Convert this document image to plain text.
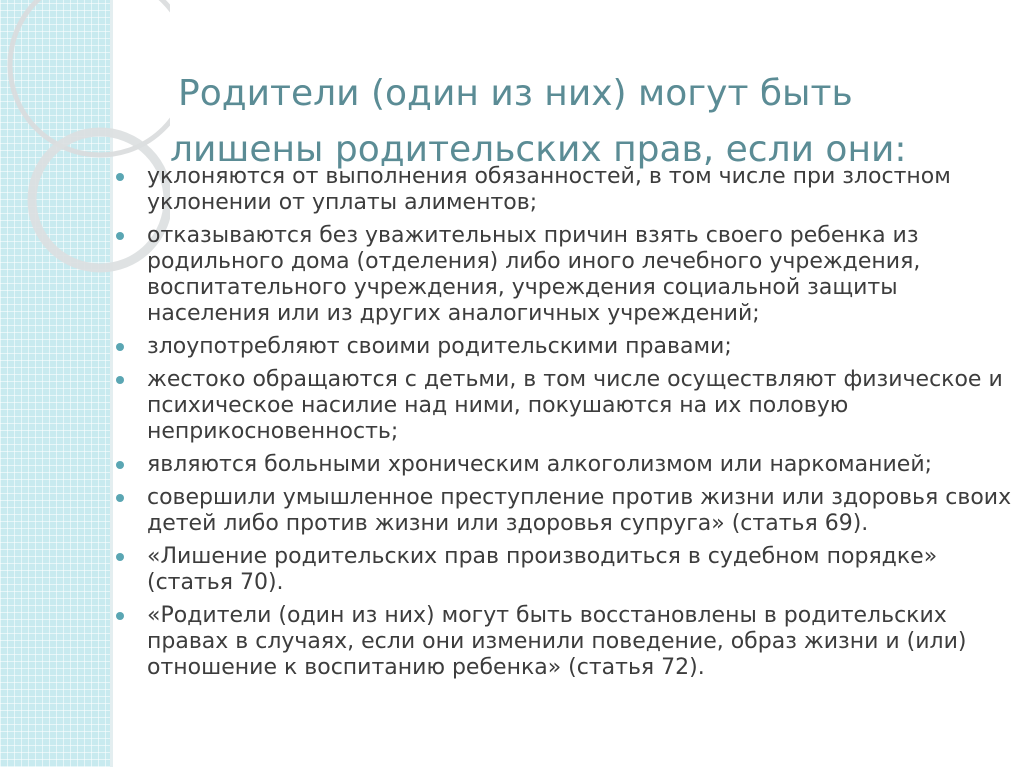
Родители (один из них) могут быть
лишены родительских прав, если они:
уклоняются от выполнения обязанностей, в том числе при злостном уклонении от уплаты алиментов;
отказываются без уважительных причин взять своего ребенка из родильного дома (отделения) либо иного лечебного учреждения, воспитательного учреждения, учреждения социальной защиты населения или из других аналогичных учреждений;
злоупотребляют своими родительскими правами;
жестоко обращаются с детьми, в том числе осуществляют физическое и психическое насилие над ними, покушаются на их половую неприкосновенность;
являются больными хроническим алкоголизмом или наркоманией;
совершили умышленное преступление против жизни или здоровья своих детей либо против жизни или здоровья супруга» (статья 69).
«Лишение родительских прав производиться в судебном порядке» (статья 70).
«Родители (один из них) могут быть восстановлены в родительских правах в случаях, если они изменили поведение, образ жизни и (или) отношение к воспитанию ребенка» (статья 72).
